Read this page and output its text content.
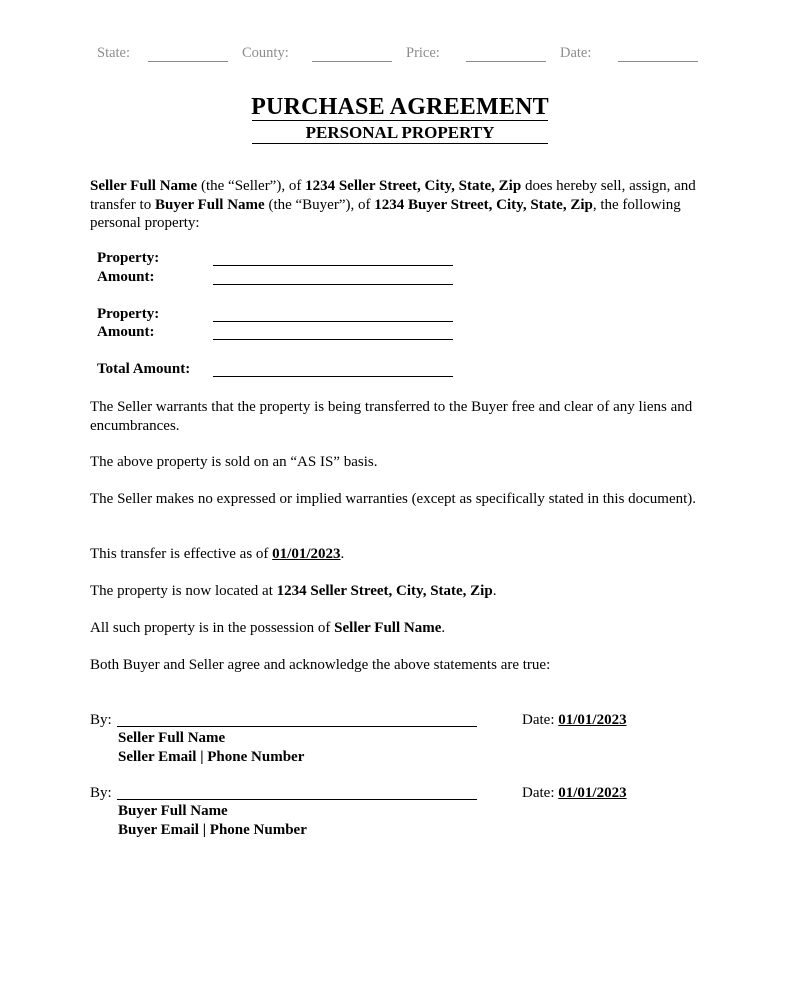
State:	County:	Price:	Date:
PURCHASE AGREEMENT
PERSONAL PROPERTY
Seller Full Name (the “Seller”), of 1234 Seller Street, City, State, Zip does hereby sell, assign, and transfer to Buyer Full Name (the “Buyer”), of 1234 Buyer Street, City, State, Zip, the following personal property:
Property:
Amount:
Property:
Amount:
Total Amount:
The Seller warrants that the property is being transferred to the Buyer free and clear of any liens and encumbrances.
The above property is sold on an “AS IS” basis.
The Seller makes no expressed or implied warranties (except as specifically stated in this document).
This transfer is effective as of 01/01/2023.
The property is now located at 1234 Seller Street, City, State, Zip.
All such property is in the possession of Seller Full Name.
Both Buyer and Seller agree and acknowledge the above statements are true:
By:	Date: 01/01/2023
Seller Full Name
Seller Email | Phone Number
By:	Date: 01/01/2023
Buyer Full Name
Buyer Email | Phone Number
